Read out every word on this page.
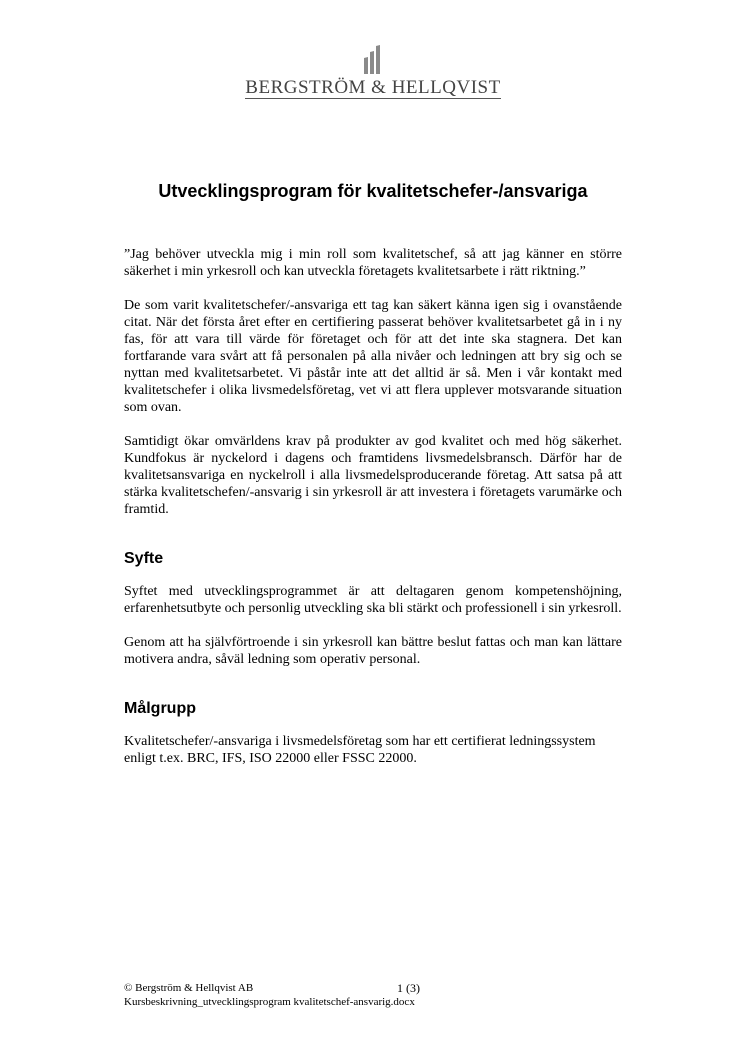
BERGSTRÖM & HELLQVIST
Utvecklingsprogram för kvalitetschefer-/ansvariga

”Jag behöver utveckla mig i min roll som kvalitetschef, så att jag känner en större säkerhet i min yrkesroll och kan utveckla företagets kvalitetsarbete i rätt riktning.”

De som varit kvalitetschefer/-ansvariga ett tag kan säkert känna igen sig i ovanstående citat. När det första året efter en certifiering passerat behöver kvalitetsarbetet gå in i ny fas, för att vara till värde för företaget och för att det inte ska stagnera. Det kan fortfarande vara svårt att få personalen på alla nivåer och ledningen att bry sig och se nyttan med kvalitetsarbetet. Vi påstår inte att det alltid är så. Men i vår kontakt med kvalitetschefer i olika livsmedelsföretag, vet vi att flera upplever motsvarande situation som ovan.

Samtidigt ökar omvärldens krav på produkter av god kvalitet och med hög säkerhet. Kundfokus är nyckelord i dagens och framtidens livsmedelsbransch. Därför har de kvalitetsansvariga en nyckelroll i alla livsmedelsproducerande företag. Att satsa på att stärka kvalitetschefen/-ansvarig i sin yrkesroll är att investera i företagets varumärke och framtid.

Syfte

Syftet med utvecklingsprogrammet är att deltagaren genom kompetenshöjning, erfarenhetsutbyte och personlig utveckling ska bli stärkt och professionell i sin yrkesroll.

Genom att ha självförtroende i sin yrkesroll kan bättre beslut fattas och man kan lättare motivera andra, såväl ledning som operativ personal.

Målgrupp

Kvalitetschefer/-ansvariga i livsmedelsföretag som har ett certifierat ledningssystem enligt t.ex. BRC, IFS, ISO 22000 eller FSSC 22000.

© Bergström & Hellqvist AB	1 (3)
Kursbeskrivning_utvecklingsprogram kvalitetschef-ansvarig.docx
